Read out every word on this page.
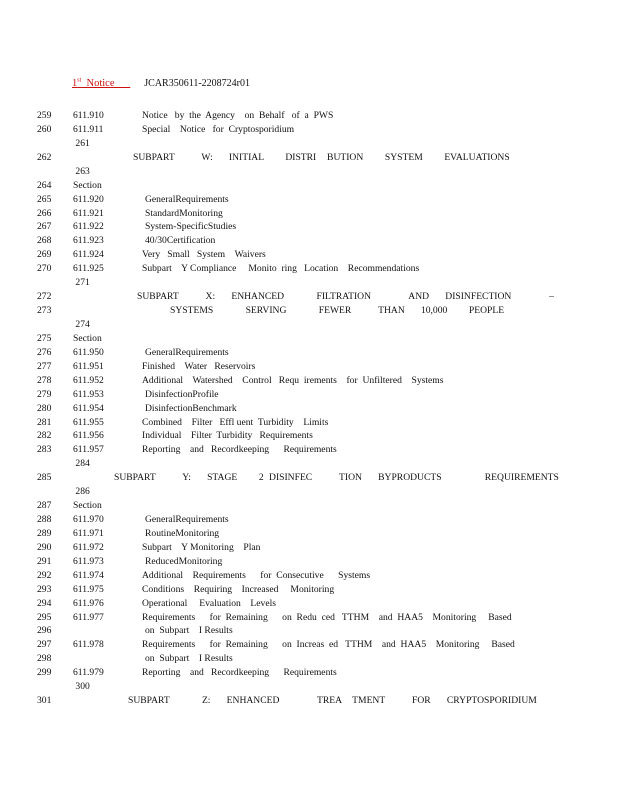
1st Notice	JCAR350611-2208724r01
259 611.910	Notice   by  the  Agency    on  Behalf   of  a  PWS
260 611.911	Special    Notice   for  Cryptosporidium
261
262	SUBPART     W:   INITIAL    DISTRI  BUTION    SYSTEM    EVALUATIONS
263
264 Section
265 611.920	GeneralRequirements
266 611.921	StandardMonitoring
267 611.922	System-SpecificStudies
268 611.923	40/30Certification
269 611.924	Very   Small   System    Waivers
270 611.925	Subpart    Y Compliance     Monito  ring   Location    Recommendations
271
272	SUBPART     X:   ENHANCED      FILTRATION       AND   DISINFECTION       –
273	SYSTEMS      SERVING      FEWER     THAN   10,000    PEOPLE
274
275 Section
276 611.950	GeneralRequirements
277 611.951	Finished    Water   Reservoirs
278 611.952	Additional    Watershed    Control   Requ  irements    for  Unfiltered    Systems
279 611.953	DisinfectionProfile
280 611.954	DisinfectionBenchmark
281 611.955	Combined    Filter   Effl uent  Turbidity    Limits
282 611.956	Individual    Filter  Turbidity   Requirements
283 611.957	Reporting    and   Recordkeeping      Requirements
284
285	SUBPART     Y:   STAGE    2 DISINFEC     TION   BYPRODUCTS        REQUIREMENTS
286
287 Section
288 611.970	GeneralRequirements
289 611.971	RoutineMonitoring
290 611.972	Subpart    Y Monitoring    Plan
291 611.973	ReducedMonitoring
292 611.974	Additional    Requirements      for  Consecutive      Systems
293 611.975	Conditions    Requiring    Increased     Monitoring
294 611.976	Operational     Evaluation    Levels
295 611.977	Requirements      for  Remaining      on  Redu  ced   TTHM    and  HAA5    Monitoring     Based
296	on  Subpart    I Results
297 611.978	Requirements      for  Remaining      on  Increas  ed   TTHM    and  HAA5    Monitoring     Based
298	on  Subpart    I Results
299 611.979	Reporting    and   Recordkeeping      Requirements
300
301	SUBPART      Z:   ENHANCED       TREA  TMENT     FOR   CRYPTOSPORIDIUM
